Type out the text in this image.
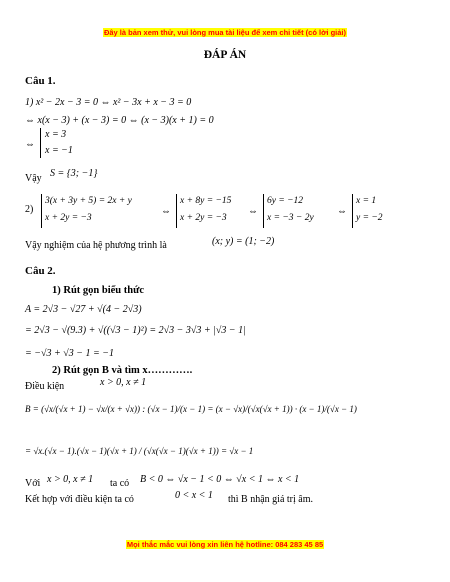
Đây là bản xem thử, vui lòng mua tài liệu để xem chi tiết (có lời giải)
ĐÁP ÁN
Câu 1.
1) x² − 2x − 3 = 0 ⇔ x² − 3x + x − 3 = 0
⇔ x(x − 3) + (x − 3) = 0 ⇔ (x − 3)(x + 1) = 0
⇔
x = 3
x = −1
Vậy S = {3; −1}
2)
3(x + 3y + 5) = 2x + y
x + 2y = −3
⇔
x + 8y = −15
x + 2y = −3
⇔
6y = −12
x = −3 − 2y
⇔
x = 1
y = −2
Vậy nghiệm của hệ phương trình là	(x; y) = (1; −2)
Câu 2.
1) Rút gọn biểu thức
A = 2√3 − √27 + √(4 − 2√3)
= 2√3 − √(9.3) + √((√3 − 1)²) = 2√3 − 3√3 + |√3 − 1|
= −√3 + √3 − 1 = −1
2) Rút gọn B và tìm x………….
Điều kiện	x > 0, x ≠ 1
B = (√x/(√x + 1) − √x/(x + √x)) : (√x − 1)/(x − 1) = (x − √x)/(√x(√x + 1)) · (x − 1)/(√x − 1)
= √x.(√x − 1).(√x − 1)(√x + 1) / (√x(√x − 1)(√x + 1)) = √x − 1
Với x > 0, x ≠ 1 ta có B < 0 ⇔ √x − 1 < 0 ⇔ √x < 1 ⇔ x < 1
Kết hợp với điều kiện ta có	0 < x < 1 thì B nhận giá trị âm.
Mọi thắc mắc vui lòng xin liên hệ hotline: 084 283 45 85
